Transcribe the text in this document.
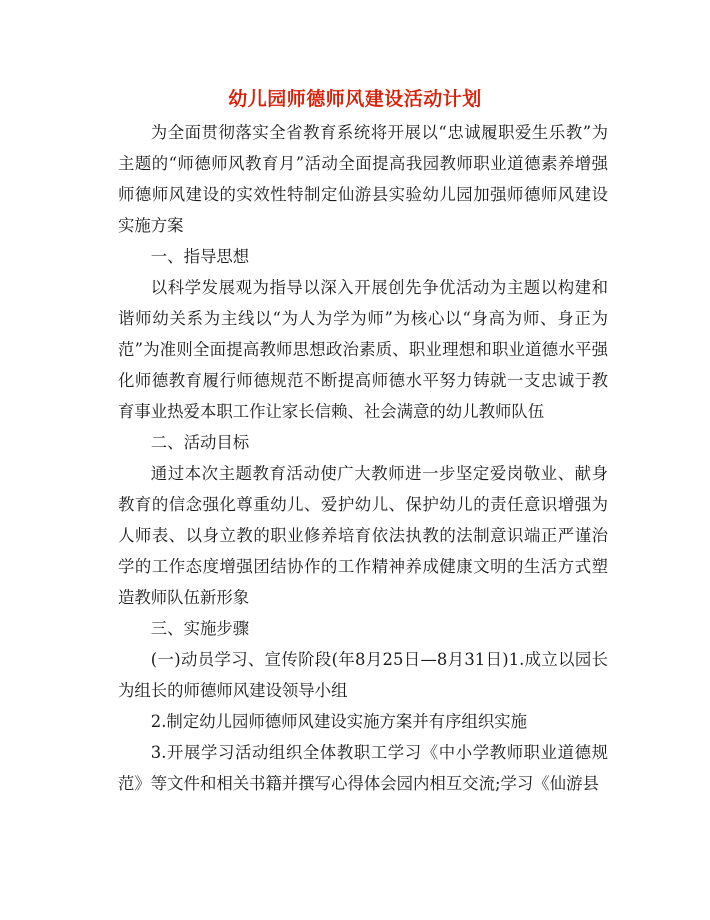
幼儿园师德师风建设活动计划

为全面贯彻落实全省教育系统将开展以“忠诚履职爱生乐教”为主题的“师德师风教育月”活动全面提高我园教师职业道德素养增强师德师风建设的实效性特制定仙游县实验幼儿园加强师德师风建设实施方案

一、指导思想

以科学发展观为指导以深入开展创先争优活动为主题以构建和谐师幼关系为主线以“为人为学为师”为核心以“身高为师、身正为范”为准则全面提高教师思想政治素质、职业理想和职业道德水平强化师德教育履行师德规范不断提高师德水平努力铸就一支忠诚于教育事业热爱本职工作让家长信赖、社会满意的幼儿教师队伍

二、活动目标

通过本次主题教育活动使广大教师进一步坚定爱岗敬业、献身教育的信念强化尊重幼儿、爱护幼儿、保护幼儿的责任意识增强为人师表、以身立教的职业修养培育依法执教的法制意识端正严谨治学的工作态度增强团结协作的工作精神养成健康文明的生活方式塑造教师队伍新形象

三、实施步骤

(一)动员学习、宣传阶段(年8月25日—8月31日)1.成立以园长为组长的师德师风建设领导小组

2.制定幼儿园师德师风建设实施方案并有序组织实施

3.开展学习活动组织全体教职工学习《中小学教师职业道德规范》等文件和相关书籍并撰写心得体会园内相互交流;学习《仙游县
